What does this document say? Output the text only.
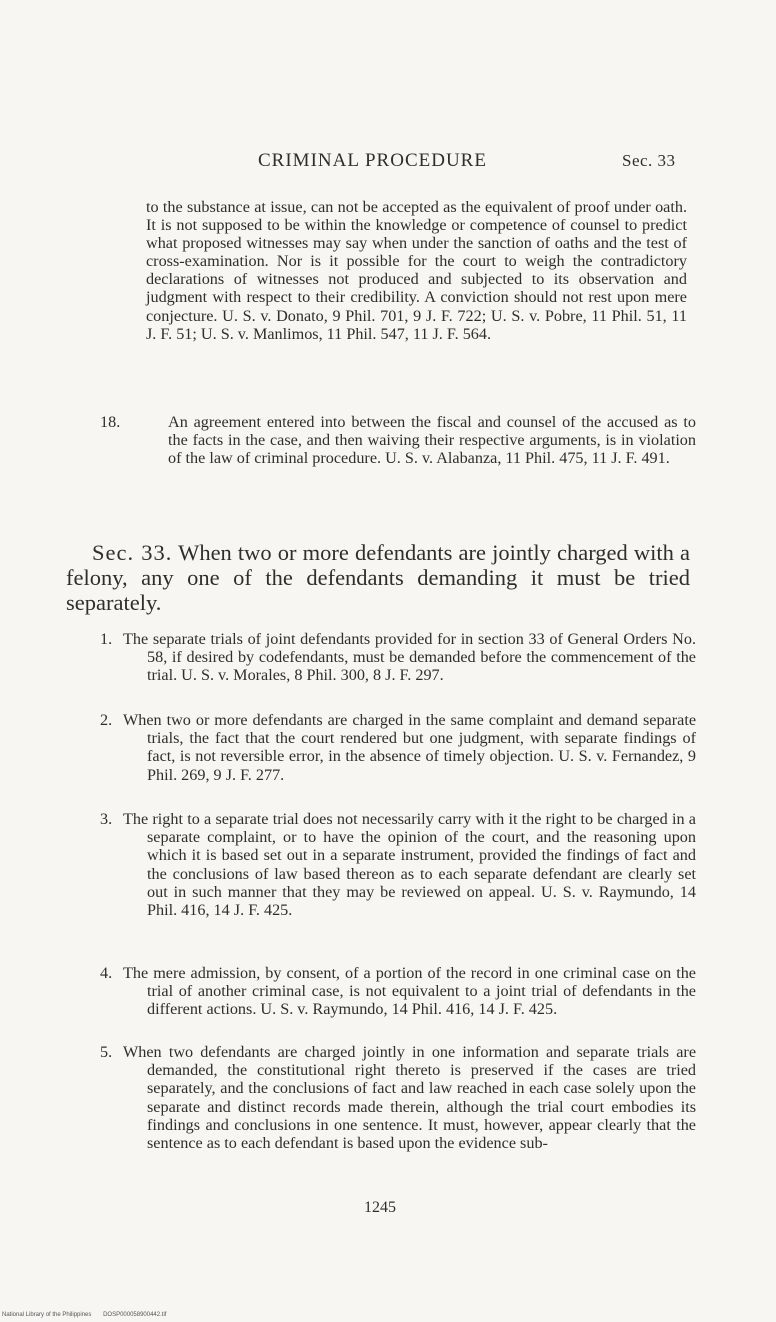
CRIMINAL PROCEDURE	Sec. 33

to the substance at issue, can not be accepted as the equivalent of proof under oath. It is not supposed to be within the knowledge or competence of counsel to predict what proposed witnesses may say when under the sanction of oaths and the test of cross-examination. Nor is it possible for the court to weigh the contradictory declarations of witnesses not produced and subjected to its observation and judgment with respect to their credibility. A conviction should not rest upon mere conjecture. U. S. v. Donato, 9 Phil. 701, 9 J. F. 722; U. S. v. Pobre, 11 Phil. 51, 11 J. F. 51; U. S. v. Manlimos, 11 Phil. 547, 11 J. F. 564.

18.	An agreement entered into between the fiscal and counsel of the accused as to the facts in the case, and then waiving their respective arguments, is in violation of the law of criminal procedure. U. S. v. Alabanza, 11 Phil. 475, 11 J. F. 491.

Sec. 33. When two or more defendants are jointly charged with a felony, any one of the defendants demanding it must be tried separately.

1. The separate trials of joint defendants provided for in section 33 of General Orders No. 58, if desired by codefendants, must be demanded before the commencement of the trial. U. S. v. Morales, 8 Phil. 300, 8 J. F. 297.
2. When two or more defendants are charged in the same complaint and demand separate trials, the fact that the court rendered but one judgment, with separate findings of fact, is not reversible error, in the absence of timely objection. U. S. v. Fernandez, 9 Phil. 269, 9 J. F. 277.
3. The right to a separate trial does not necessarily carry with it the right to be charged in a separate complaint, or to have the opinion of the court, and the reasoning upon which it is based set out in a separate instrument, provided the findings of fact and the conclusions of law based thereon as to each separate defendant are clearly set out in such manner that they may be reviewed on appeal. U. S. v. Raymundo, 14 Phil. 416, 14 J. F. 425.
4. The mere admission, by consent, of a portion of the record in one criminal case on the trial of another criminal case, is not equivalent to a joint trial of defendants in the different actions. U. S. v. Raymundo, 14 Phil. 416, 14 J. F. 425.
5. When two defendants are charged jointly in one information and separate trials are demanded, the constitutional right thereto is preserved if the cases are tried separately, and the conclusions of fact and law reached in each case solely upon the separate and distinct records made therein, although the trial court embodies its findings and conclusions in one sentence. It must, however, appear clearly that the sentence as to each defendant is based upon the evidence sub-
1245
National Library of the Philippines DOSP000058900442.tif
